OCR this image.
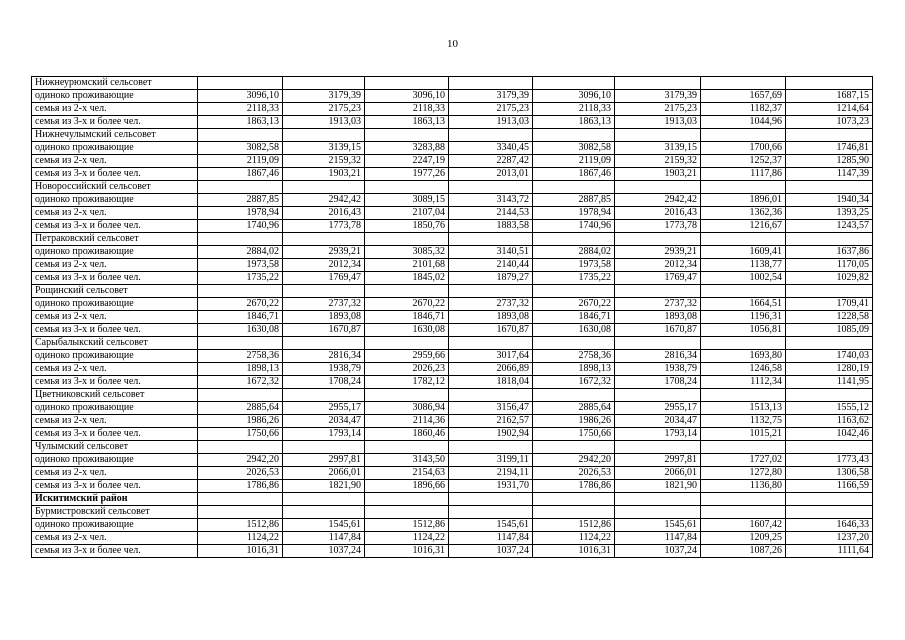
10
Нижнеурюмский сельсовет								
одиноко проживающие	3096,10	3179,39	3096,10	3179,39	3096,10	3179,39	1657,69	1687,15
семья из 2-х чел.	2118,33	2175,23	2118,33	2175,23	2118,33	2175,23	1182,37	1214,64
семья из 3-х и более чел.	1863,13	1913,03	1863,13	1913,03	1863,13	1913,03	1044,96	1073,23
Нижнечулымский сельсовет								
одиноко проживающие	3082,58	3139,15	3283,88	3340,45	3082,58	3139,15	1700,66	1746,81
семья из 2-х чел.	2119,09	2159,32	2247,19	2287,42	2119,09	2159,32	1252,37	1285,90
семья из 3-х и более чел.	1867,46	1903,21	1977,26	2013,01	1867,46	1903,21	1117,86	1147,39
Новороссийский сельсовет								
одиноко проживающие	2887,85	2942,42	3089,15	3143,72	2887,85	2942,42	1896,01	1940,34
семья из 2-х чел.	1978,94	2016,43	2107,04	2144,53	1978,94	2016,43	1362,36	1393,25
семья из 3-х и более чел.	1740,96	1773,78	1850,76	1883,58	1740,96	1773,78	1216,67	1243,57
Петраковский сельсовет								
одиноко проживающие	2884,02	2939,21	3085,32	3140,51	2884,02	2939,21	1609,41	1637,86
семья из 2-х чел.	1973,58	2012,34	2101,68	2140,44	1973,58	2012,34	1138,77	1170,05
семья из 3-х и более чел.	1735,22	1769,47	1845,02	1879,27	1735,22	1769,47	1002,54	1029,82
Рощинский сельсовет								
одиноко проживающие	2670,22	2737,32	2670,22	2737,32	2670,22	2737,32	1664,51	1709,41
семья из 2-х чел.	1846,71	1893,08	1846,71	1893,08	1846,71	1893,08	1196,31	1228,58
семья из 3-х и более чел.	1630,08	1670,87	1630,08	1670,87	1630,08	1670,87	1056,81	1085,09
Сарыбалыкский сельсовет								
одиноко проживающие	2758,36	2816,34	2959,66	3017,64	2758,36	2816,34	1693,80	1740,03
семья из 2-х чел.	1898,13	1938,79	2026,23	2066,89	1898,13	1938,79	1246,58	1280,19
семья из 3-х и более чел.	1672,32	1708,24	1782,12	1818,04	1672,32	1708,24	1112,34	1141,95
Цветниковский сельсовет								
одиноко проживающие	2885,64	2955,17	3086,94	3156,47	2885,64	2955,17	1513,13	1555,12
семья из 2-х чел.	1986,26	2034,47	2114,36	2162,57	1986,26	2034,47	1132,75	1163,62
семья из 3-х и более чел.	1750,66	1793,14	1860,46	1902,94	1750,66	1793,14	1015,21	1042,46
Чулымский сельсовет								
одиноко проживающие	2942,20	2997,81	3143,50	3199,11	2942,20	2997,81	1727,02	1773,43
семья из 2-х чел.	2026,53	2066,01	2154,63	2194,11	2026,53	2066,01	1272,80	1306,58
семья из 3-х и более чел.	1786,86	1821,90	1896,66	1931,70	1786,86	1821,90	1136,80	1166,59
Искитимский район								
Бурмистровский сельсовет								
одиноко проживающие	1512,86	1545,61	1512,86	1545,61	1512,86	1545,61	1607,42	1646,33
семья из 2-х чел.	1124,22	1147,84	1124,22	1147,84	1124,22	1147,84	1209,25	1237,20
семья из 3-х и более чел.	1016,31	1037,24	1016,31	1037,24	1016,31	1037,24	1087,26	1111,64
